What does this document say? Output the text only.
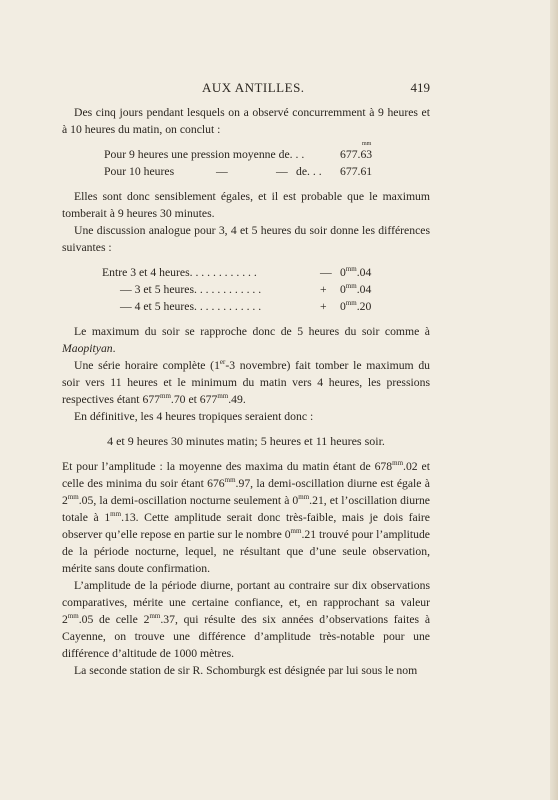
AUX ANTILLES.	419

Des cinq jours pendant lesquels on a observé concurremment à 9 heures et à 10 heures du matin, on conclut :

mm
Pour 9 heures une pression moyenne de. . .	677.63
Pour 10 heures	—	— de. . . 677.61

Elles sont donc sensiblement égales, et il est probable que le maximum tomberait à 9 heures 30 minutes.

Une discussion analogue pour 3, 4 et 5 heures du soir donne les différences suivantes :

Entre 3 et 4 heures. . . . . . . . . . . .	— $0^{mm}.04$
— 3 et 5 heures. . . . . . . . . . . .	+ $0^{mm}.04$
— 4 et 5 heures. . . . . . . . . . . .	+ $0^{mm}.20$

Le maximum du soir se rapproche donc de 5 heures du soir comme à Maopityan.

Une série horaire complète (1er-3 novembre) fait tomber le maximum du soir vers 11 heures et le minimum du matin vers 4 heures, les pressions respectives étant $677^{mm}.70$ et $677^{mm}.49$.

En définitive, les 4 heures tropiques seraient donc :

4 et 9 heures 30 minutes matin; 5 heures et 11 heures soir.

Et pour l’amplitude : la moyenne des maxima du matin étant de $678^{mm}.02$ et celle des minima du soir étant $676^{mm}.97$, la demi-oscillation diurne est égale à $2^{mm}.05$, la demi-oscillation nocturne seulement à $0^{mm}.21$, et l’oscillation diurne totale à $1^{mm}.13$. Cette amplitude serait donc très-faible, mais je dois faire observer qu’elle repose en partie sur le nombre $0^{mm}.21$ trouvé pour l’amplitude de la période nocturne, lequel, ne résultant que d’une seule observation, mérite sans doute confirmation.

L’amplitude de la période diurne, portant au contraire sur dix observations comparatives, mérite une certaine confiance, et, en rapprochant sa valeur $2^{mm}.05$ de celle $2^{mm}.37$, qui résulte des six années d’observations faites à Cayenne, on trouve une différence d’amplitude très-notable pour une différence d’altitude de 1000 mètres.

La seconde station de sir R. Schomburgk est désignée par lui sous le nom
